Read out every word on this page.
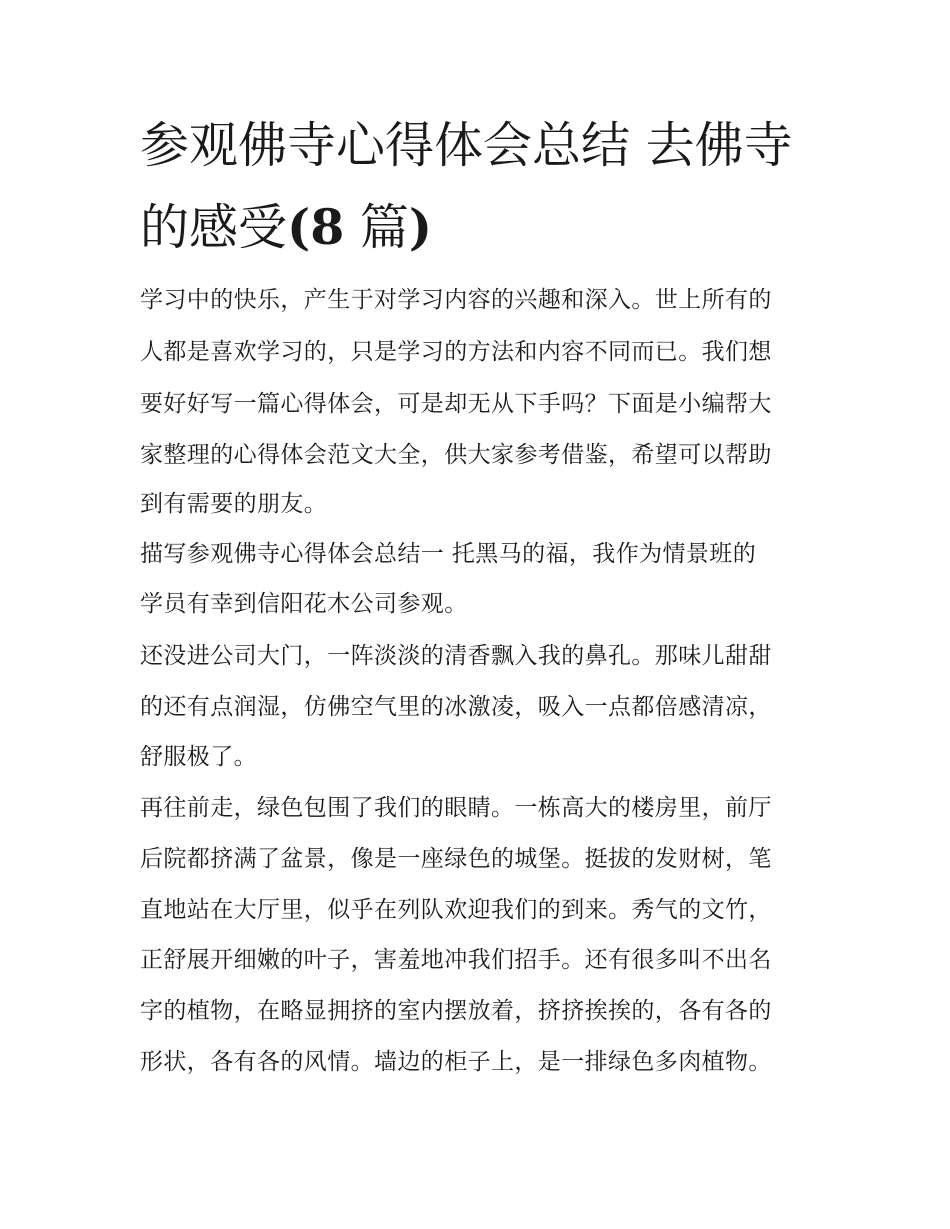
参观佛寺心得体会总结 去佛寺
的感受(8 篇)

学习中的快乐，产生于对学习内容的兴趣和深入。世上所有的

人都是喜欢学习的，只是学习的方法和内容不同而已。我们想

要好好写一篇心得体会，可是却无从下手吗？下面是小编帮大

家整理的心得体会范文大全，供大家参考借鉴，希望可以帮助

到有需要的朋友。

描写参观佛寺心得体会总结一 托黑马的福，我作为情景班的

学员有幸到信阳花木公司参观。

还没进公司大门，一阵淡淡的清香飘入我的鼻孔。那味儿甜甜

的还有点润湿，仿佛空气里的冰激凌，吸入一点都倍感清凉，

舒服极了。

再往前走，绿色包围了我们的眼睛。一栋高大的楼房里，前厅

后院都挤满了盆景，像是一座绿色的城堡。挺拔的发财树，笔

直地站在大厅里，似乎在列队欢迎我们的到来。秀气的文竹，

正舒展开细嫩的叶子，害羞地冲我们招手。还有很多叫不出名

字的植物，在略显拥挤的室内摆放着，挤挤挨挨的，各有各的

形状，各有各的风情。墙边的柜子上，是一排绿色多肉植物。
